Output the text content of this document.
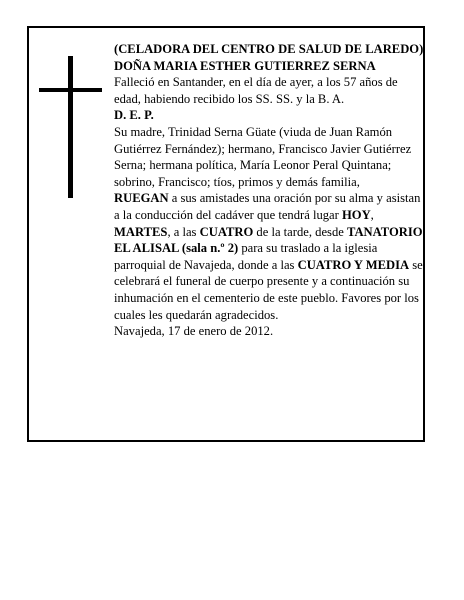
(CELADORA DEL CENTRO DE SALUD DE LAREDO)

DOÑA MARIA ESTHER GUTIERREZ SERNA

Falleció en Santander, en el día de ayer, a los 57 años de edad, habiendo recibido los SS. SS. y la B. A.

D. E. P.

Su madre, Trinidad Serna Güate (viuda de Juan Ramón Gutiérrez Fernández); hermano, Francisco Javier Gutiérrez Serna; hermana política, María Leonor Peral Quintana; sobrino, Francisco; tíos, primos y demás familia,

RUEGAN a sus amistades una oración por su alma y asistan a la conducción del cadáver que tendrá lugar HOY, MARTES, a las CUATRO de la tarde, desde TANATORIO EL ALISAL (sala n.º 2) para su traslado a la iglesia parroquial de Navajeda, donde a las CUATRO Y MEDIA se celebrará el funeral de cuerpo presente y a continuación su inhumación en el cementerio de este pueblo. Favores por los cuales les quedarán agradecidos.

Navajeda, 17 de enero de 2012.
